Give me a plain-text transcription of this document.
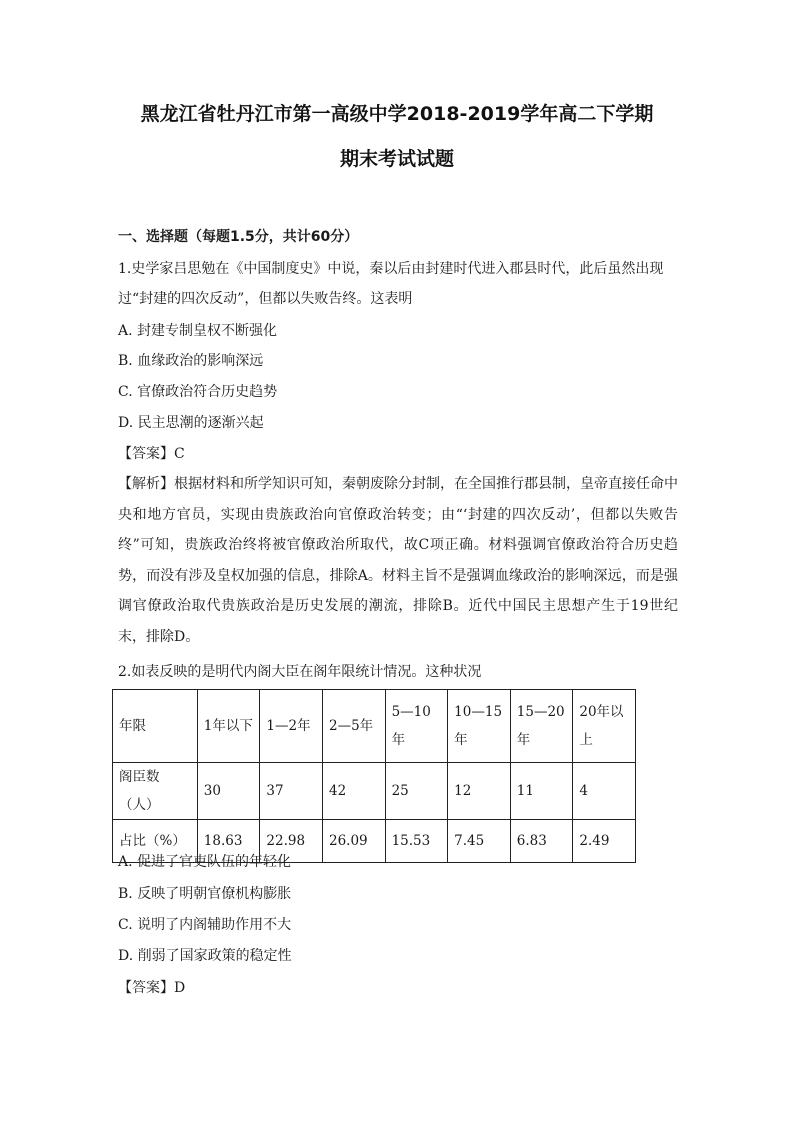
黑龙江省牡丹江市第一高级中学2018-2019学年高二下学期
期末考试试题
一、选择题（每题1.5分，共计60分）
1.史学家吕思勉在《中国制度史》中说，秦以后由封建时代进入郡县时代，此后虽然出现过“封建的四次反动”，但都以失败告终。这表明
A. 封建专制皇权不断强化
B. 血缘政治的影响深远
C. 官僚政治符合历史趋势
D. 民主思潮的逐渐兴起
【答案】C
【解析】根据材料和所学知识可知，秦朝废除分封制，在全国推行郡县制，皇帝直接任命中央和地方官员，实现由贵族政治向官僚政治转变；由“‘封建的四次反动’，但都以失败告终”可知，贵族政治终将被官僚政治所取代，故C项正确。材料强调官僚政治符合历史趋势，而没有涉及皇权加强的信息，排除A。材料主旨不是强调血缘政治的影响深远，而是强调官僚政治取代贵族政治是历史发展的潮流，排除B。近代中国民主思想产生于19世纪末，排除D。
2.如表反映的是明代内阁大臣在阁年限统计情况。这种状况
年限	1年以下	1—2年	2—5年	5—10年	10—15年	15—20年	20年以上
阁臣数（人）	30	37	42	25	12	11	4
占比（%）	18.63	22.98	26.09	15.53	7.45	6.83	2.49
A. 促进了官吏队伍的年轻化
B. 反映了明朝官僚机构膨胀
C. 说明了内阁辅助作用不大
D. 削弱了国家政策的稳定性
【答案】D
